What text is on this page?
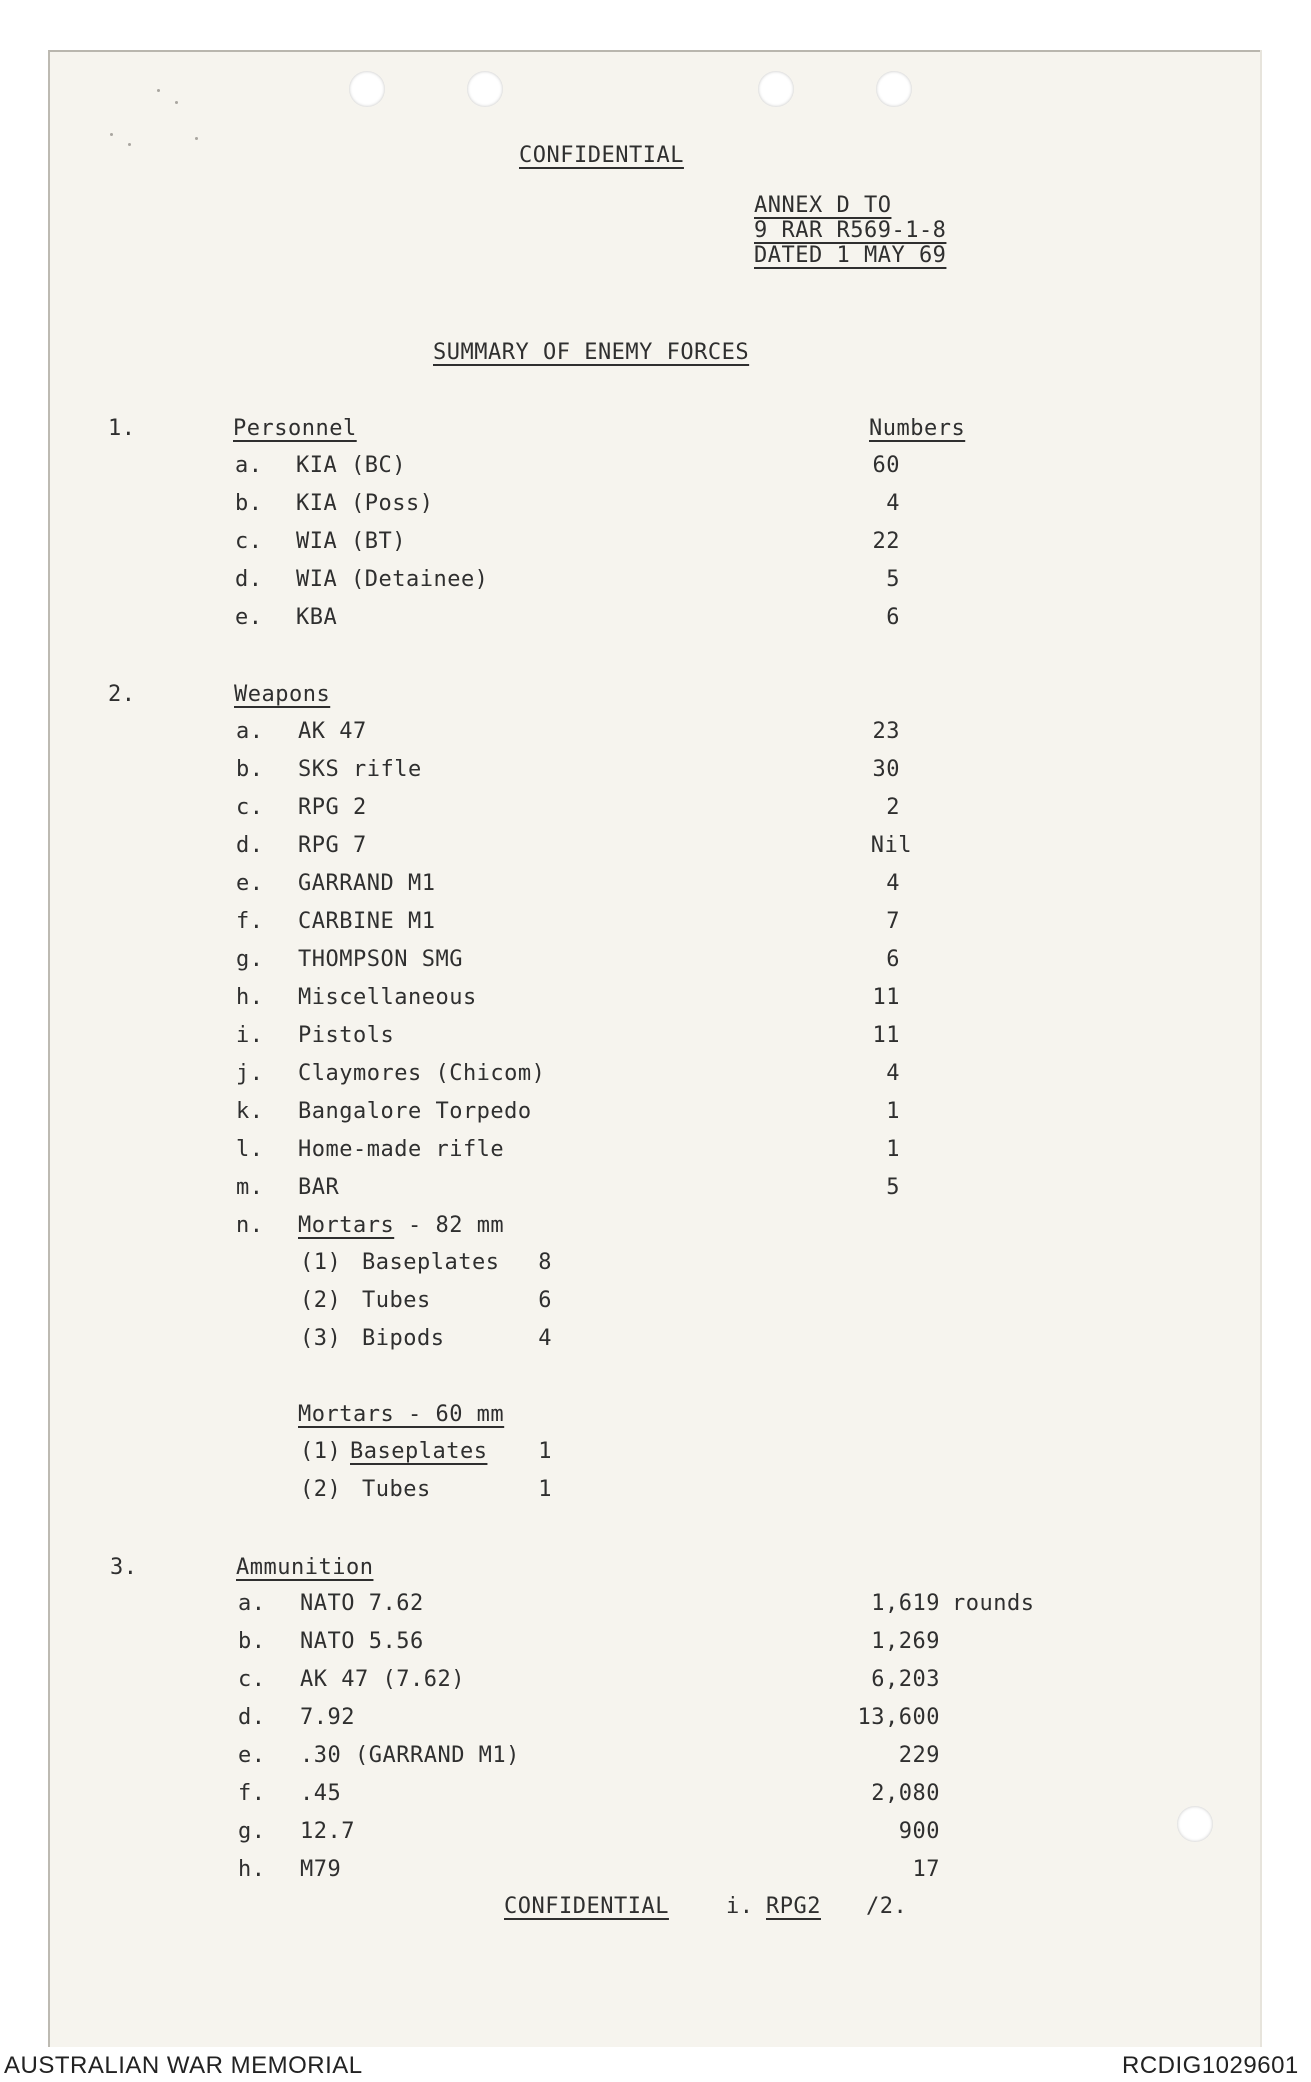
CONFIDENTIAL
ANNEX D TO
9 RAR R569-1-8
DATED 1 MAY 69
SUMMARY OF ENEMY FORCES
1.	Personnel	Numbers
a. KIA (BC)	60
b. KIA (Poss)	4
c. WIA (BT)	22
d. WIA (Detainee)	5
e. KBA	6
2.	Weapons
a. AK 47	23
b. SKS rifle	30
c. RPG 2	2
d. RPG 7	Nil
e. GARRAND M1	4
f. CARBINE M1	7
g. THOMPSON SMG	6
h. Miscellaneous	11
i. Pistols	11
j. Claymores (Chicom)	4
k. Bangalore Torpedo	1
l. Home-made rifle	1
m. BAR	5
n. Mortars - 82 mm
(1) Baseplates	8
(2) Tubes	6
(3) Bipods	4
Mortars - 60 mm
(1) Baseplates	1
(2) Tubes	1
3.	Ammunition
a. NATO 7.62	1,619 rounds
b. NATO 5.56	1,269
c. AK 47 (7.62)	6,203
d. 7.92	13,600
e. .30 (GARRAND M1)	229
f. .45	2,080
g. 12.7	900
h. M79	17
CONFIDENTIAL	i. RPG2 /2.
AUSTRALIAN WAR MEMORIAL	RCDIG1029601
